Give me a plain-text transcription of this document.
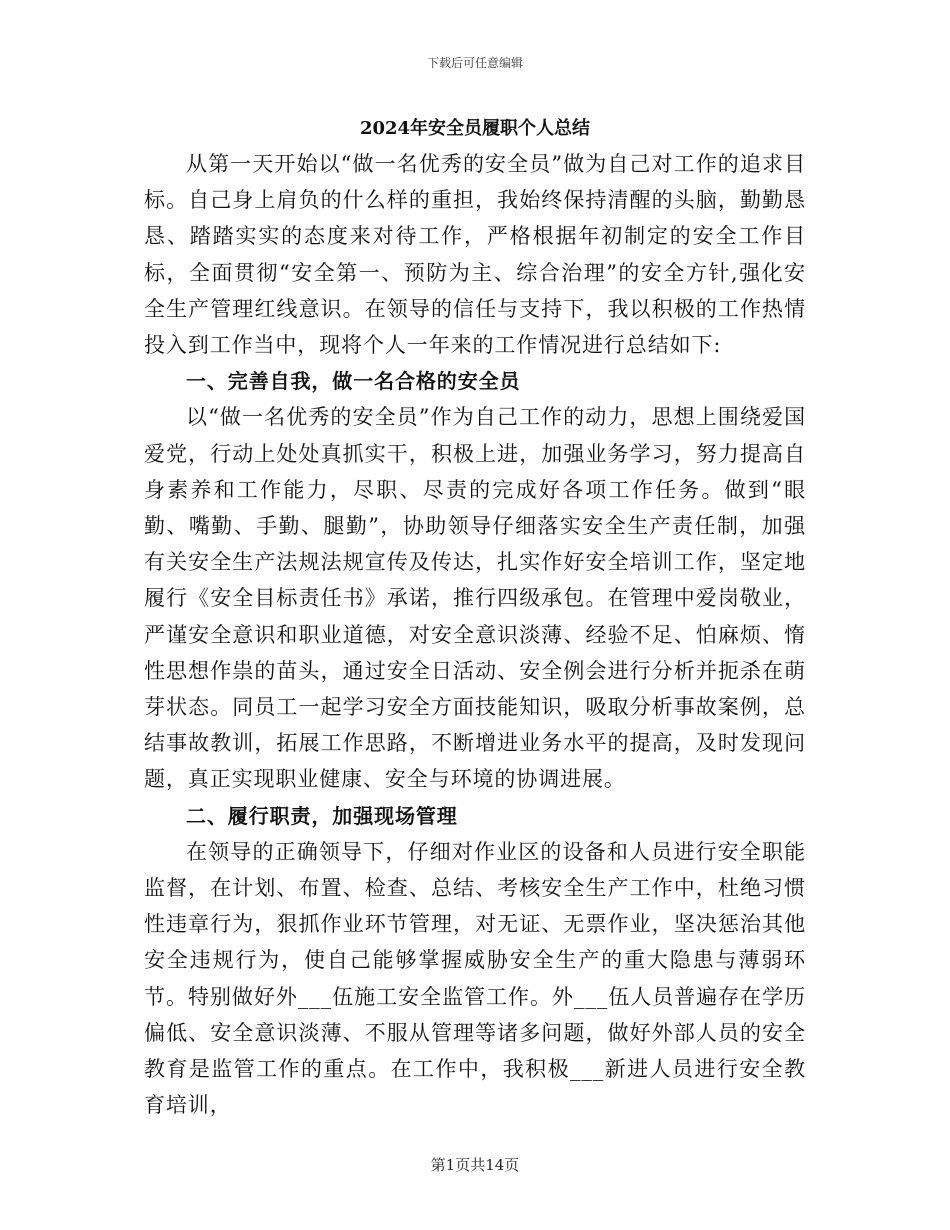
下载后可任意编辑
2024年安全员履职个人总结

从第一天开始以“做一名优秀的安全员”做为自己对工作的追求目标。自己身上肩负的什么样的重担，我始终保持清醒的头脑，勤勤恳恳、踏踏实实的态度来对待工作，严格根据年初制定的安全工作目标，全面贯彻“安全第一、预防为主、综合治理”的安全方针,强化安全生产管理红线意识。在领导的信任与支持下，我以积极的工作热情投入到工作当中，现将个人一年来的工作情况进行总结如下:

一、完善自我，做一名合格的安全员

以“做一名优秀的安全员”作为自己工作的动力，思想上围绕爱国爱党，行动上处处真抓实干，积极上进，加强业务学习，努力提高自身素养和工作能力，尽职、尽责的完成好各项工作任务。做到“眼勤、嘴勤、手勤、腿勤”，协助领导仔细落实安全生产责任制，加强有关安全生产法规法规宣传及传达，扎实作好安全培训工作，坚定地履行《安全目标责任书》承诺，推行四级承包。在管理中爱岗敬业，严谨安全意识和职业道德，对安全意识淡薄、经验不足、怕麻烦、惰性思想作祟的苗头，通过安全日活动、安全例会进行分析并扼杀在萌芽状态。同员工一起学习安全方面技能知识，吸取分析事故案例，总结事故教训，拓展工作思路，不断增进业务水平的提高，及时发现问题，真正实现职业健康、安全与环境的协调进展。

二、履行职责，加强现场管理

在领导的正确领导下，仔细对作业区的设备和人员进行安全职能监督，在计划、布置、检查、总结、考核安全生产工作中，杜绝习惯性违章行为，狠抓作业环节管理，对无证、无票作业，坚决惩治其他安全违规行为，使自己能够掌握威胁安全生产的重大隐患与薄弱环节。特别做好外___伍施工安全监管工作。外___伍人员普遍存在学历偏低、安全意识淡薄、不服从管理等诸多问题，做好外部人员的安全教育是监管工作的重点。在工作中，我积极___新进人员进行安全教育培训，

第1页共14页
